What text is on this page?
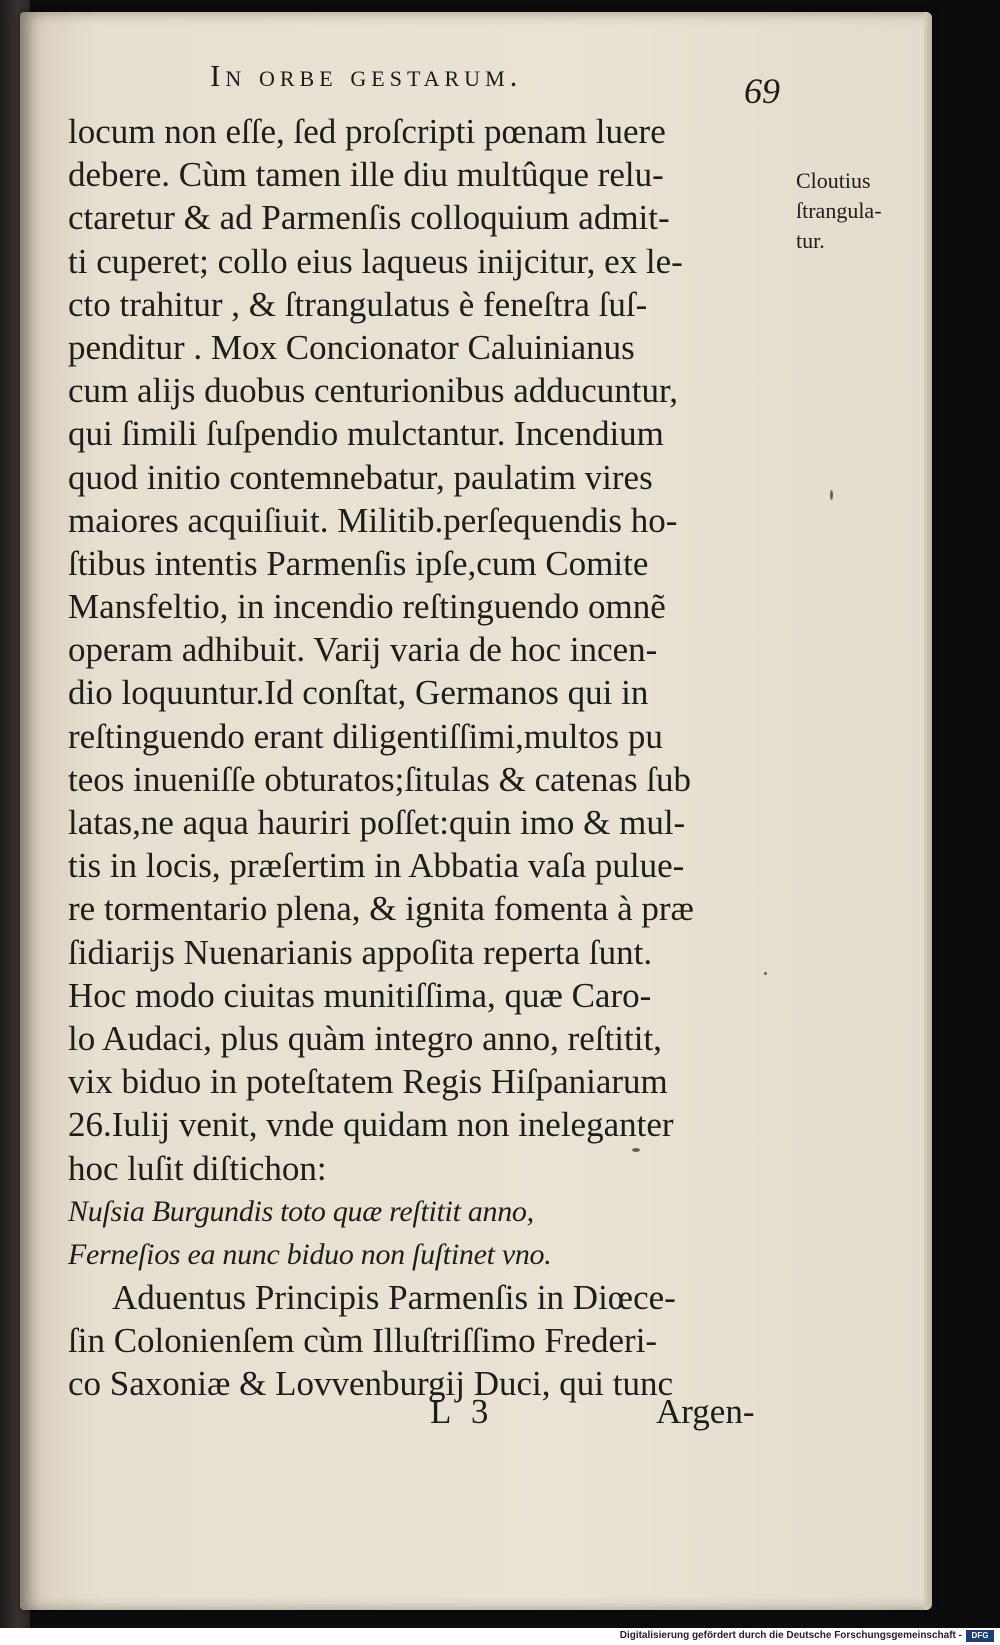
In orbe gestarum.	69
locum non eſſe, ſed proſcripti pœnam luere
debere. Cùm tamen ille diu multûque relu-
ctaretur & ad Parmenſis colloquium admit-
ti cuperet; collo eius laqueus inijcitur, ex le-
cto trahitur , & ſtrangulatus è feneſtra ſuſ-
penditur . Mox Concionator Caluinianus
cum alijs duobus centurionibus adducuntur,
qui ſimili ſuſpendio mulctantur. Incendium
quod initio contemnebatur, paulatim vires
maiores acquiſiuit. Militib.perſequendis ho-
ſtibus intentis Parmenſis ipſe,cum Comite
Mansfeltio, in incendio reſtinguendo omnẽ
operam adhibuit. Varij varia de hoc incen-
dio loquuntur.Id conſtat, Germanos qui in
reſtinguendo erant diligentiſſimi,multos pu
teos inueniſſe obturatos;ſitulas & catenas ſub
latas,ne aqua hauriri poſſet:quin imo & mul-
tis in locis, præſertim in Abbatia vaſa pulue-
re tormentario plena, & ignita fomenta à præ
ſidiarijs Nuenarianis appoſita reperta ſunt.
Hoc modo ciuitas munitiſſima, quæ Caro-
lo Audaci, plus quàm integro anno, reſtitit,
vix biduo in poteſtatem Regis Hiſpaniarum
26.Iulij venit, vnde quidam non ineleganter
hoc luſit diſtichon:
Nuſsia Burgundis toto quæ reſtitit anno,
Ferneſios ea nunc biduo non ſuſtinet vno.
Aduentus Principis Parmenſis in Diœce-
ſin Colonienſem cùm Illuſtriſſimo Frederi-
co Saxoniæ & Lovvenburgij Duci, qui tunc
Cloutius
ſtrangula-
tur.
L 3	Argen-
Digitalisierung gefördert durch die Deutsche Forschungsgemeinschaft -	DFG
